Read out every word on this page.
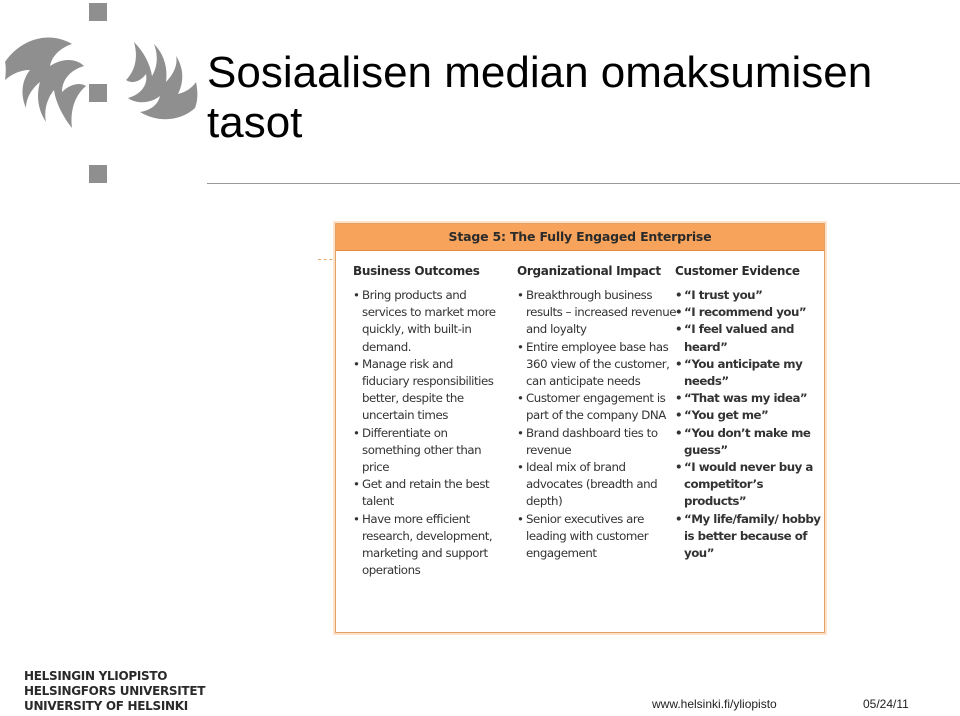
Sosiaalisen median omaksumisen tasot
Stage 5: The Fully Engaged Enterprise
Business Outcomes
• Bring products and services to market more quickly, with built-in demand.
• Manage risk and fiduciary responsibilities better, despite the uncertain times
• Differentiate on something other than price
• Get and retain the best talent
• Have more efficient research, development, marketing and support operations
Organizational Impact
• Breakthrough business results – increased revenue and loyalty
• Entire employee base has 360 view of the customer, can anticipate needs
• Customer engagement is part of the company DNA
• Brand dashboard ties to revenue
• Ideal mix of brand advocates (breadth and depth)
• Senior executives are leading with customer engagement
Customer Evidence
• “I trust you”
• “I recommend you”
• “I feel valued and heard”
• “You anticipate my needs”
• “That was my idea”
• “You get me”
• “You don’t make me guess”
• “I would never buy a competitor’s products”
• “My life/family/ hobby is better because of you”
HELSINGIN YLIOPISTO
HELSINGFORS UNIVERSITET
UNIVERSITY OF HELSINKI	www.helsinki.fi/yliopisto	05/24/11
